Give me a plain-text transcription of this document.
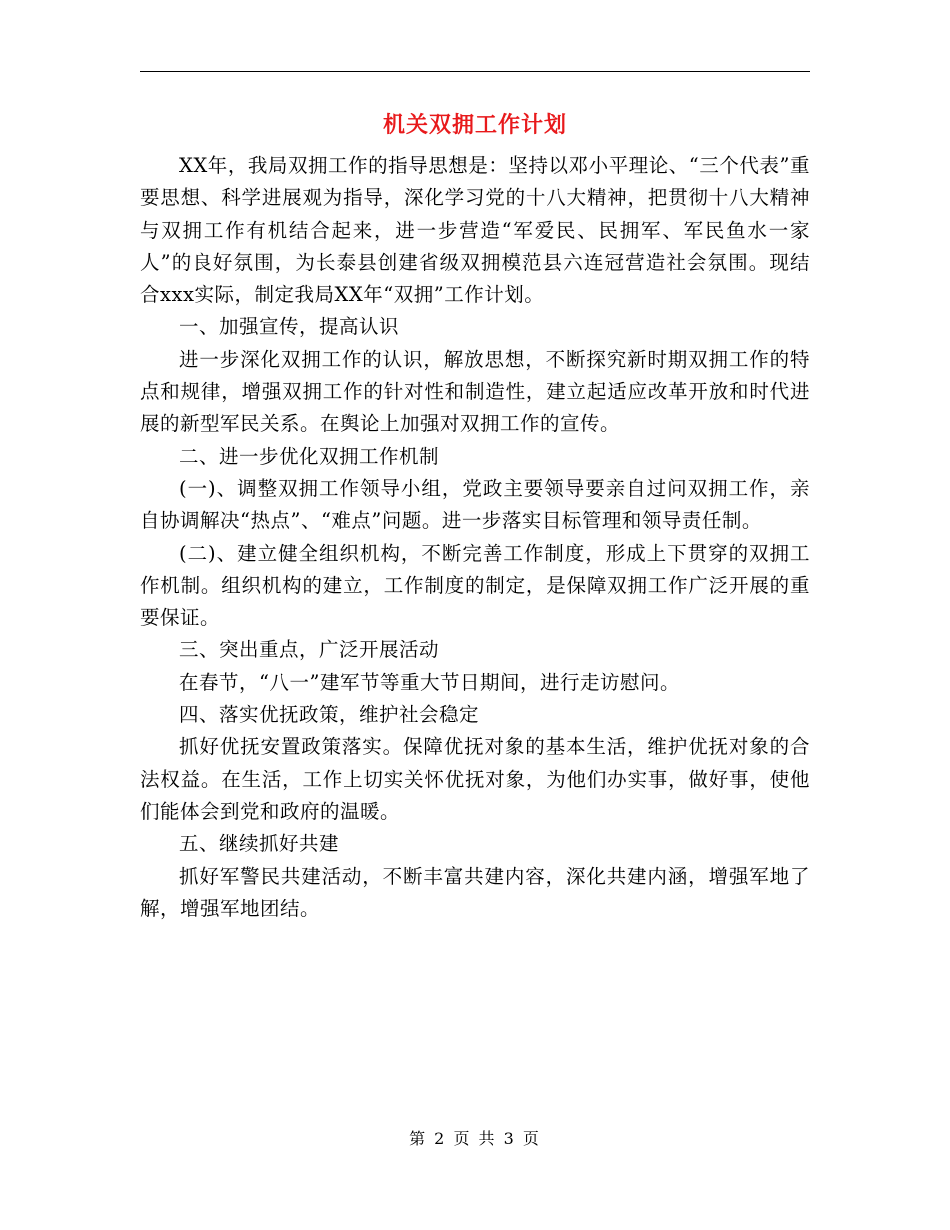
机关双拥工作计划

XX年，我局双拥工作的指导思想是：坚持以邓小平理论、“三个代表”重要思想、科学进展观为指导，深化学习党的十八大精神，把贯彻十八大精神与双拥工作有机结合起来，进一步营造“军爱民、民拥军、军民鱼水一家人”的良好氛围，为长泰县创建省级双拥模范县六连冠营造社会氛围。现结合xxx实际，制定我局XX年“双拥”工作计划。

一、加强宣传，提高认识

进一步深化双拥工作的认识，解放思想，不断探究新时期双拥工作的特点和规律，增强双拥工作的针对性和制造性，建立起适应改革开放和时代进展的新型军民关系。在舆论上加强对双拥工作的宣传。

二、进一步优化双拥工作机制

(一)、调整双拥工作领导小组，党政主要领导要亲自过问双拥工作，亲自协调解决“热点”、“难点”问题。进一步落实目标管理和领导责任制。

(二)、建立健全组织机构，不断完善工作制度，形成上下贯穿的双拥工作机制。组织机构的建立，工作制度的制定，是保障双拥工作广泛开展的重要保证。

三、突出重点，广泛开展活动

在春节，“八一”建军节等重大节日期间，进行走访慰问。

四、落实优抚政策，维护社会稳定

抓好优抚安置政策落实。保障优抚对象的基本生活，维护优抚对象的合法权益。在生活，工作上切实关怀优抚对象，为他们办实事，做好事，使他们能体会到党和政府的温暖。

五、继续抓好共建

抓好军警民共建活动，不断丰富共建内容，深化共建内涵，增强军地了解，增强军地团结。

第 2 页 共 3 页
